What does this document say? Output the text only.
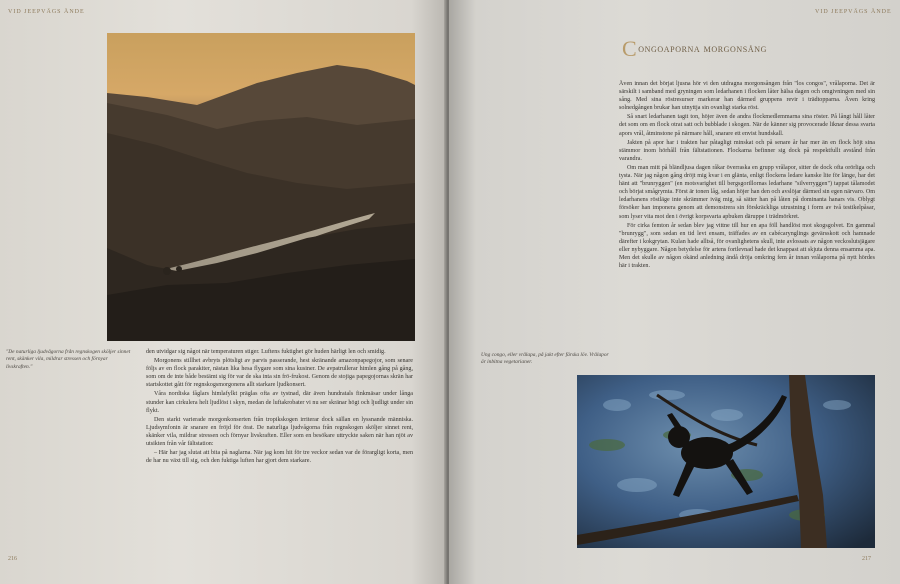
VID JEEPVÄGS ÄNDE
"De naturliga ljudvågorna från regnskogen sköljer sinnet rent, skänker vila, mildrar stressen och förnyar livskraften."

den utvidgar sig något när temperaturen stiger. Luftens fuktighet gör huden härligt len och smidig.

Morgonens stillhet avbryts plötsligt av parvis passerande, hest skränande amazonpapegojor, som senare följs av en flock parakiter, nästan lika hesa flygare som sina kusiner. De avpatrullerar himlen gång på gång, som om de inte både bestämt sig för var de ska inta sin frö-frukost. Genom de stojiga papegojornas skrän har startskottet gått för regnskogsmorgonens allt starkare ljudkonsert.

Våra nordiska fåglars himlafylkt präglas ofta av tystnad, där även hundratals finkmäsar under långa stunder kan cirkulera helt ljudlöst i skyn, medan de luftakrobater vi nu ser skränar högt och ljudligt under sin flykt.

Den starkt varierade morgonkonserten från tropikskogen irriterar dock sällan en lyssnande människa. Ljudsymfonin är snarare en fröjd för örat. De naturliga ljudvågorna från regnskogen sköljer sinnet rent, skänker vila, mildrar stressen och förnyar livskraften. Eller som en besökare uttryckte saken när han njöt av utsikten från vår fältstation:

– Här har jag slutat att bita på naglarna. När jag kom hit för tre veckor sedan var de förargligt korta, men de har nu växt till sig, och den fuktiga luften har gjort dem starkare.

216
VID JEEPVÄGS ÄNDE
Congoaporna morgonsång

Även innan det börjat ljusna hör vi den utdragna morgonsången från "los congos", vrålaporna. Det är särskilt i samband med gryningen som ledarhanen i flocken låter hälsa dagen och omgivningen med sin sång. Med sina röstresurser markerar han därmed gruppens revir i trädtopparna. Även kring solnedgången brukar han utnyttja sin ovanligt starka röst.

Så snart ledarhanen tagit ton, höjer även de andra flockmedlemmarna sina röster. På långt håll låter det som om en flock otrat satt och bubblade i skogen. När de känner sig provocerade liknar dessa svarta apors vrål, åtminstone på närmare håll, snarare ett envist hundskall.

Jakten på apor har i trakten har påtagligt minskat och på senare år har mer än en flock höjt sina stämmor inom hörhåll från fältstationen. Flockarna befinner sig dock på respektfullt avstånd från varandra.

Om man mitt på bländljusa dagen råkar överraska en grupp vrålapor, sitter de dock ofta orörliga och tysta. När jag någon gång dröjt mig kvar i en glänta, enligt flockens ledare kanske lite för länge, har det hänt att "brunryggen" (en motsvarighet till bergsgorillornas ledarhane "silverryggen") tappat tålamodet och börjat smågrymta. Först är tonen låg, sedan höjer han den och avslöjar därmed sin egen närvaro. Om ledarhanens röstläge inte skrämmer iväg mig, så sätter han på låten på dominanta hanars vis. Oblygt försöker han imponera genom att demonstrera sin förskräckliga utrustning i form av två testikelpåsar, som lyser vita mot den i övrigt korpsvarta apbuken däruppe i trädmörkret.

För cirka femton år sedan blev jag vittne till hur en apa föll handlöst mot skogsgolvet. En gammal "brunrygg", som sedan en tid levt ensam, träffades av en cabécarynglings gevärsskott och hamnade därefter i kokgrytan. Kulan hade alltså, för ovanlighetens skull, inte avlossats av någon veckoslutsjägare eller nybyggare. Någon betydelse för artens fortlevnad hade det knappast att skjuta denna ensamma apa. Men det skulle av någon okänd anledning ändå dröja omkring fem år innan vrålaporna på nytt hördes här i trakten.

Ung congo, eller vrålapa, på jakt efter färska löv. Vrålapor är inbitna vegetarianer.
217
